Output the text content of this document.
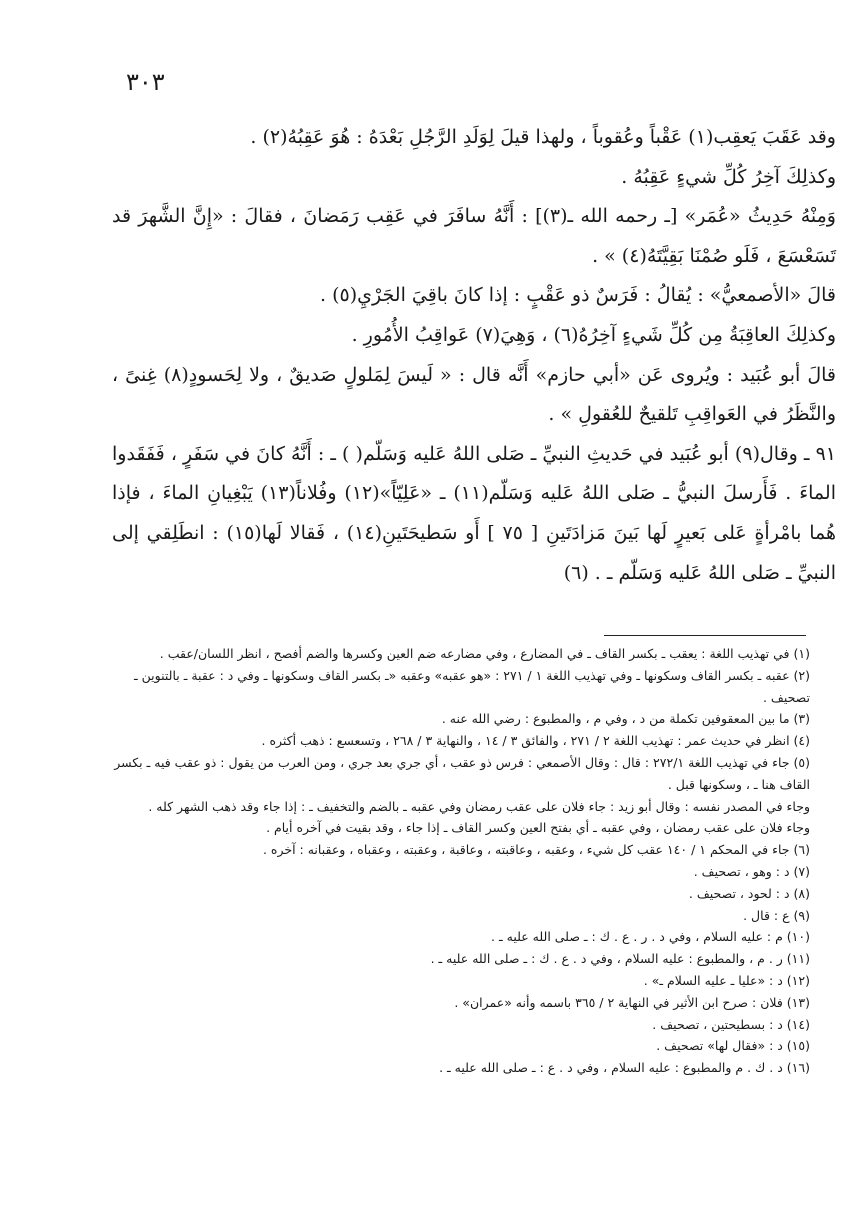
٣٠٣

وقد عَقَبَ يَعقِب(١) عَقْباً وعُقوباً ، ولهذا قيلَ لِوَلَدِ الرَّجُلِ بَعْدَهُ : هُوَ عَقِبُهُ(٢) .

وكذلِكَ آخِرُ كُلِّ شيءٍ عَقِبُهُ .

وَمِنْهُ حَدِيثُ «عُمَر» [ـ رحمه الله ـ(٣)] : أَنَّهُ سافَرَ في عَقِب رَمَضانَ ، فقالَ : «إِنَّ الشَّهرَ قد تَسَعْسَعَ ، فَلَو صُمْنَا بَقِيَّتَهُ(٤) » .

قالَ «الأصمعيُّ» : يُقالُ : فَرَسٌ ذو عَقْبٍ : إذا كانَ باقِيَ الجَرْيِ(٥) .

وكذلِكَ العاقِبَةُ مِن كُلِّ شَيءٍ آخِرُهُ(٦) ، وَهِيَ(٧) عَواقِبُ الأُمُورِ .

قالَ أبو عُبَيد : ويُروى عَن «أبي حازم» أَنَّه قال : « لَيسَ لِمَلولٍ صَديقٌ ، ولا لِحَسودٍ(٨) غِنىً ، والنَّظَرُ في العَواقِبِ تَلقيحٌ للعُقولِ » .

٩١ ـ وقال(٩) أبو عُبَيد في حَديثِ النبيِّ ـ صَلى اللهُ عَليه وَسَلّم( ) ـ : أَنَّهُ كانَ في سَفَرٍ ، فَفَقَدوا الماءَ . فَأَرسلَ النبيُّ ـ صَلى اللهُ عَليه وَسَلّم(١١) ـ «عَلِيّاً»(١٢) وفُلاناً(١٣) يَبْغِيانِ الماءَ ، فإذا هُما بامْرأةٍ عَلى بَعيرٍ لَها بَينَ مَزادَتَينِ [ ٧٥ ] أَو سَطيحَتَينِ(١٤) ، فَقالا لَها(١٥) : انطَلِقي إلى النبيِّ ـ صَلى اللهُ عَليه وَسَلّم ـ . (٦)

(١) في تهذيب اللغة : يعقب ـ بكسر القاف ـ في المضارع ، وفي مضارعه ضم العين وكسرها والضم أفصح ، انظر اللسان/عقب .

(٢) عقبه ـ بكسر القاف وسكونها ـ وفي تهذيب اللغة ١ / ٢٧١ : «هو عقبه» وعقبه «ـ بكسر القاف وسكونها ـ وفي د : عقبة ـ بالتنوين ـ تصحيف .

(٣) ما بين المعقوفين تكملة من د ، وفي م ، والمطبوع : رضي الله عنه .

(٤) انظر في حديث عمر : تهذيب اللغة ٢ / ٢٧١ ، والفائق ٣ / ١٤ ، والنهاية ٣ / ٢٦٨ ، وتسعسع : ذهب أكثره .

(٥) جاء في تهذيب اللغة ٢٧٢/١ : قال : وقال الأصمعي : فرس ذو عقب ، أي جري بعد جري ، ومن العرب من يقول : ذو عقب فيه ـ بكسر القاف هنا ـ ، وسكونها قبل .

وجاء في المصدر نفسه : وقال أبو زيد : جاء فلان على عقب رمضان وفي عقبه ـ بالضم والتخفيف ـ : إذا جاء وقد ذهب الشهر كله .

وجاء فلان على عقب رمضان ، وفي عقبه ـ أي بفتح العين وكسر القاف ـ إذا جاء ، وقد بقيت في آخره أيام .

(٦) جاء في المحكم ١ / ١٤٠ عقب كل شيء ، وعقبه ، وعاقبته ، وعاقبة ، وعقبته ، وعقباه ، وعقبانه : آخره .

(٧) د : وهو ، تصحيف .

(٨) د : لحود ، تصحيف .

(٩) ع : قال .

(١٠) م : عليه السلام ، وفي د . ر . ع . ك : ـ صلى الله عليه ـ .

(١١) ر . م ، والمطبوع : عليه السلام ، وفي د . ع . ك : ـ صلى الله عليه ـ .

(١٢) د : «عليا ـ عليه السلام ـ» .

(١٣) فلان : صرح ابن الأثير في النهاية ٢ / ٣٦٥ باسمه وأنه «عمران» .

(١٤) د : بسطيحتين ، تصحيف .

(١٥) د : «فقال لها» تصحيف .

(١٦) د . ك . م والمطبوع : عليه السلام ، وفي د . ع : ـ صلى الله عليه ـ .
